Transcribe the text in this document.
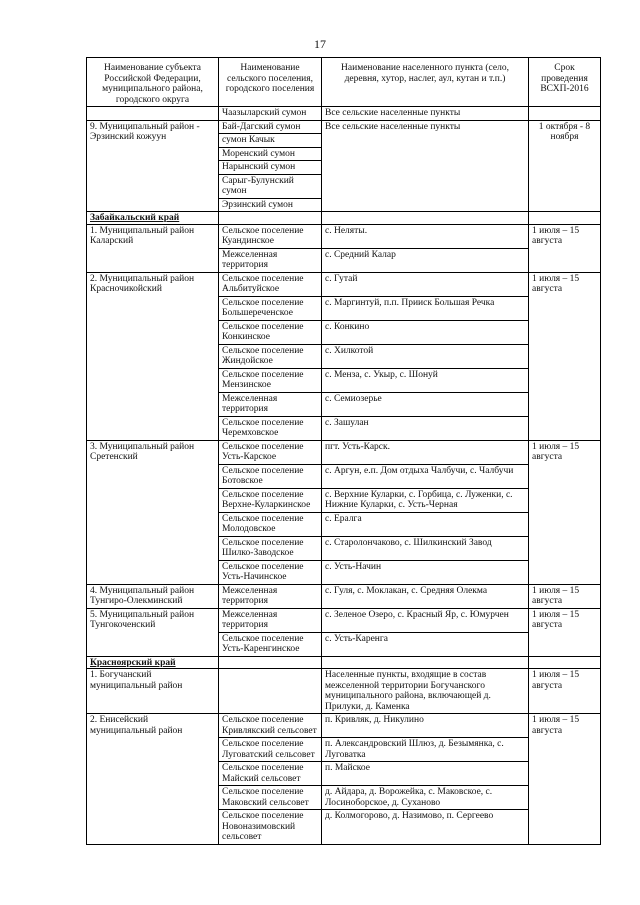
17
Наименование субъекта Российской Федерации, муниципального района, городского округа	Наименование сельского поселения, городского поселения	Наименование населенного пункта (село, деревня, хутор, наслег, аул, кутан и т.п.)	Срок проведения ВСХП-2016
	Чаазыларский сумон	Все сельские населенные пункты	
9. Муниципальный район - Эрзинский кожуун	Бай-Дагский сумон	Все сельские населенные пункты	1 октября - 8 ноября
	сумон Качык		
	Моренский сумон		
	Нарынский сумон		
	Сарыг-Булунский сумон		
	Эрзинский сумон		
Забайкальский край			
1. Муниципальный район Каларский	Сельское поселение Куандинское	с. Неляты.	1 июля – 15 августа
	Межселенная территория	с. Средний Калар	
2. Муниципальный район Красночикойский	Сельское поселение Альбитуйское	с. Гутай	1 июля – 15 августа
	Сельское поселение Большереченское	с. Маргинтуй, п.п. Прииск Большая Речка	
	Сельское поселение Конкинское	с. Конкино	
	Сельское поселение Жиндойское	с. Хилкотой	
	Сельское поселение Мензинское	с. Менза, с. Укыр, с. Шонуй	
	Межселенная территория	с. Семиозерье	
	Сельское поселение Черемховское	с. Зашулан	
3. Муниципальный район Сретенский	Сельское поселение Усть-Карское	пгт. Усть-Карск.	1 июля – 15 августа
	Сельское поселение Ботовское	с. Аргун, е.п. Дом отдыха Чалбучи, с. Чалбучи	
	Сельское поселение Верхне-Куларкинское	с. Верхние Куларки, с. Горбица, с. Луженки, с. Нижние Куларки, с. Усть-Черная	
	Сельское поселение Молодовское	с. Ералга	
	Сельское поселение Шилко-Заводское	с. Старолончаково, с. Шилкинский Завод	
	Сельское поселение Усть-Начинское	с. Усть-Начин	
4. Муниципальный район Тунгиро-Олекминский	Межселенная территория	с. Гуля, с. Моклакан, с. Средняя Олекма	1 июля – 15 августа
5. Муниципальный район Тунгокоченский	Межселенная территория	с. Зеленое Озеро, с. Красный Яр, с. Юмурчен	1 июля – 15 августа
	Сельское поселение Усть-Каренгинское	с. Усть-Каренга	
Красноярский край			
1. Богучанский муниципальный район		Населенные пункты, входящие в состав межселенной территории Богучанского муниципального района, включающей д. Прилуки, д. Каменка	1 июля – 15 августа
2. Енисейский муниципальный район	Сельское поселение Кривлякский сельсовет	п. Кривляк, д. Никулино	1 июля – 15 августа
	Сельское поселение Луговатский сельсовет	п. Александровский Шлюз, д. Безымянка, с. Луговатка	
	Сельское поселение Майский сельсовет	п. Майское	
	Сельское поселение Маковский сельсовет	д. Айдара, д. Ворожейка, с. Маковское, с. Лосиноборское, д. Суханово	
	Сельское поселение Новоназимовский сельсовет	д. Колмогорово, д. Назимово, п. Сергеево	
